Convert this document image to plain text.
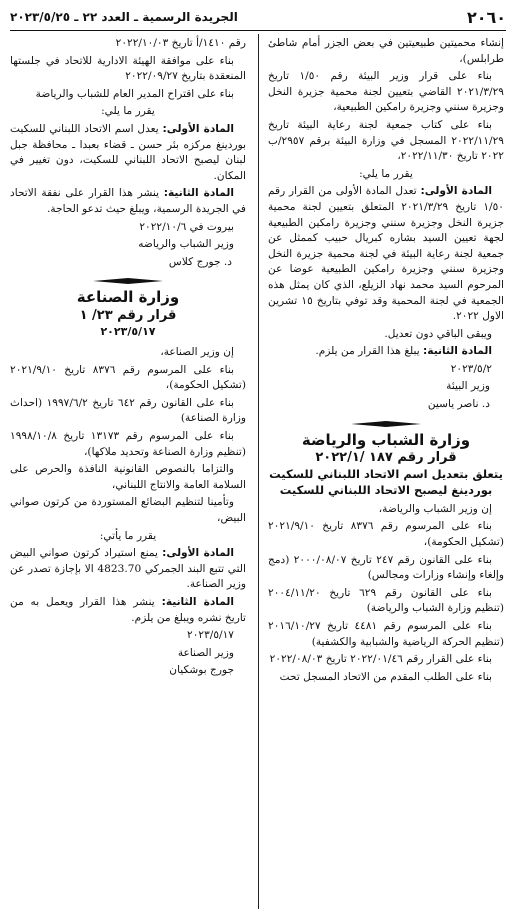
٢٠٦٠
الجريدة الرسمية ـ العدد ٢٢ ـ ٢٠٢٣/٥/٢٥

إنشاء محميتين طبيعيتين في بعض الجزر أمام شاطئ طرابلس)،

بناء على قرار وزير البيئة رقم ١/٥٠ تاريخ ٢٠٢١/٣/٢٩ القاضي بتعيين لجنة محمية جزيرة النخل وجزيرة سنني وجزيرة رامكين الطبيعية،

بناء على كتاب جمعية لجنة رعاية البيئة تاريخ ٢٠٢٢/١١/٢٩ المسجل في وزارة البيئة برقم ٢٩٥٧/ب ٢٠٢٢ تاريخ ٢٠٢٢/١١/٣٠،

يقرر ما يلي:

المادة الأولى: تعدل المادة الأولى من القرار رقم ١/٥٠ تاريخ ٢٠٢١/٣/٢٩ المتعلق بتعيين لجنة محمية جزيرة النخل وجزيرة سنني وجزيرة رامكين الطبيعية لجهة تعيين السيد بشاره كبريال حبيب كممثل عن جمعية لجنة رعاية البيئة في لجنة محمية جزيرة النخل وجزيرة سنني وجزيرة رامكين الطبيعية عوضا عن المرحوم السيد محمد نهاد الزيلع، الذي كان يمثل هذه الجمعية في لجنة المحمية وقد توفي بتاريخ ١٥ تشرين الاول ٢٠٢٢.

ويبقى الباقي دون تعديل.

المادة الثانية: يبلغ هذا القرار من يلزم.

٢٠٢٣/٥/٢

وزير البيئة

د. ناصر ياسين

وزارة الشباب والرياضة
قرار رقم ١٨٧ /٢٠٢٢/١
يتعلق بتعديل اسم الاتحاد اللبناني للسكيت بوردينغ ليصبح الاتحاد اللبناني للسكيت

إن وزير الشباب والرياضة،

بناء على المرسوم رقم ٨٣٧٦ تاريخ ٢٠٢١/٩/١٠ (تشكيل الحكومة)،

بناء على القانون رقم ٢٤٧ تاريخ ٢٠٠٠/٠٨/٠٧ (دمج وإلغاء وإنشاء وزارات ومجالس)

بناء على القانون رقم ٦٢٩ تاريخ ٢٠٠٤/١١/٢٠ (تنظيم وزارة الشباب والرياضة)

بناء على المرسوم رقم ٤٤٨١ تاريخ ٢٠١٦/١٠/٢٧ (تنظيم الحركة الرياضية والشبابية والكشفية)

بناء على القرار رقم ٢٠٢٢/٠١/٤٦ تاريخ ٢٠٢٢/٠٨/٠٣

بناء على الطلب المقدم من الاتحاد المسجل تحت

رقم ١٤١٠/أ تاريخ ٢٠٢٢/١٠/٠٣

بناء على موافقة الهيئة الادارية للاتحاد في جلستها المنعقدة بتاريخ ٢٠٢٢/٠٩/٢٧

بناء على اقتراح المدير العام للشباب والرياضة

يقرر ما يلي:

المادة الأولى: يعدل اسم الاتحاد اللبناني للسكيت بوردينغ مركزه بئر حسن ـ قضاء بعبدا ـ محافظة جبل لبنان ليصبح الاتحاد اللبناني للسكيت، دون تغيير في المكان.

المادة الثانية: ينشر هذا القرار على نفقة الاتحاد في الجريدة الرسمية، ويبلغ حيث تدعو الحاجة.

بيروت في ٢٠٢٢/١٠/٦

وزير الشباب والرياضه

د. جورج كلاس

وزارة الصناعة
قرار رقم ٢٣/ ١
٢٠٢٣/٥/١٧

إن وزير الصناعة،

بناء على المرسوم رقم ٨٣٧٦ تاريخ ٢٠٢١/٩/١٠ (تشكيل الحكومة)،

بناء على القانون رقم ٦٤٢ تاريخ ١٩٩٧/٦/٢ (احداث وزارة الصناعة)

بناء على المرسوم رقم ١٣١٧٣ تاريخ ١٩٩٨/١٠/٨ (تنظيم وزارة الصناعة وتحديد ملاكها)،

والتزاما بالنصوص القانونية النافذة والحرص على السلامة العامة والانتاج اللبناني،

وتأمينا لتنظيم البضائع المستوردة من كرتون صواني البيض،

يقرر ما يأتي:

المادة الأولى: يمنع استيراد كرتون صواني البيض التي تتبع البند الجمركي 4823.70 الا بإجازة تصدر عن وزير الصناعة.

المادة الثانية: ينشر هذا القرار ويعمل به من تاريخ نشره ويبلغ من يلزم.

٢٠٢٣/٥/١٧

وزير الصناعة

جورج بوشكيان
